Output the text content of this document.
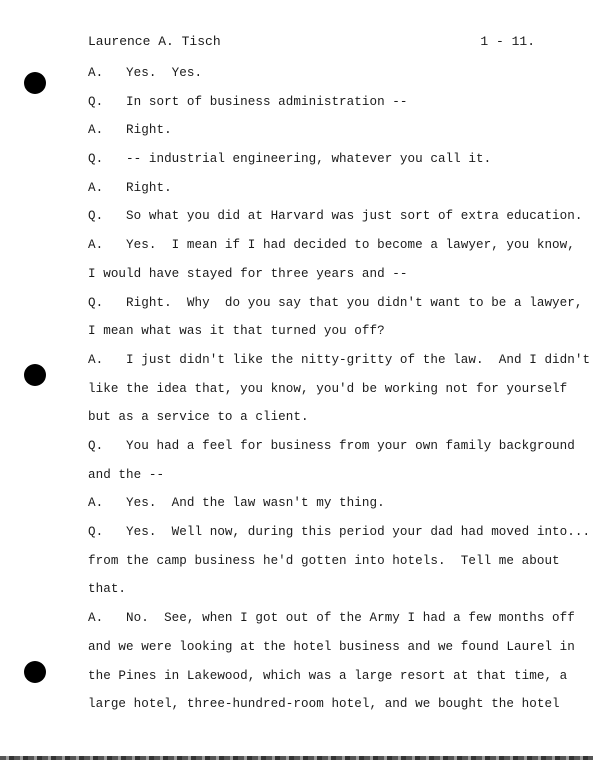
Laurence A. Tisch	1 - 11.
A.   Yes.  Yes.
Q.   In sort of business administration --
A.   Right.
Q.   -- industrial engineering, whatever you call it.
A.   Right.
Q.   So what you did at Harvard was just sort of extra education.
A.   Yes.  I mean if I had decided to become a lawyer, you know,
I would have stayed for three years and --
Q.   Right.  Why  do you say that you didn't want to be a lawyer,
I mean what was it that turned you off?
A.   I just didn't like the nitty-gritty of the law.  And I didn't
like the idea that, you know, you'd be working not for yourself
but as a service to a client.
Q.   You had a feel for business from your own family background
and the --
A.   Yes.  And the law wasn't my thing.
Q.   Yes.  Well now, during this period your dad had moved into...
from the camp business he'd gotten into hotels.  Tell me about
that.
A.   No.  See, when I got out of the Army I had a few months off
and we were looking at the hotel business and we found Laurel in
the Pines in Lakewood, which was a large resort at that time, a
large hotel, three-hundred-room hotel, and we bought the hotel
